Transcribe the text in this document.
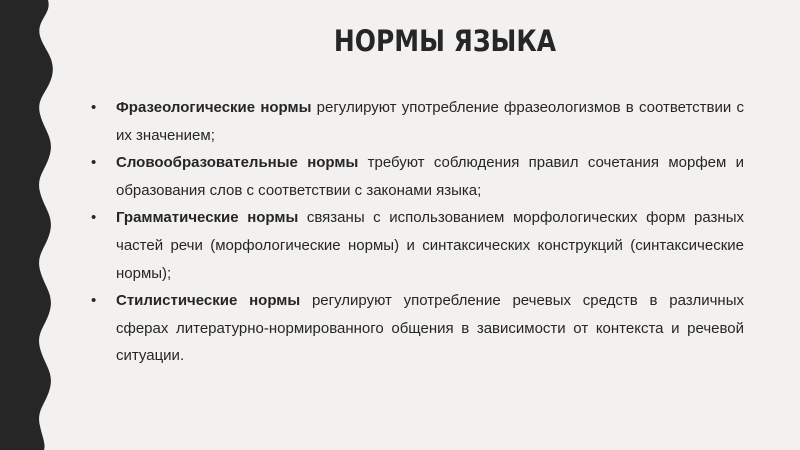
НОРМЫ ЯЗЫКА
• Фразеологические нормы регулируют употребление фразеологизмов в соответствии с их значением;
• Словообразовательные нормы требуют соблюдения правил сочетания морфем и образования слов с соответствии с законами языка;
• Грамматические нормы связаны с использованием морфологических форм разных частей речи (морфологические нормы) и синтаксических конструкций (синтаксические нормы);
• Стилистические нормы регулируют употребление речевых средств в различных сферах литературно-нормированного общения в зависимости от контекста и речевой ситуации.
